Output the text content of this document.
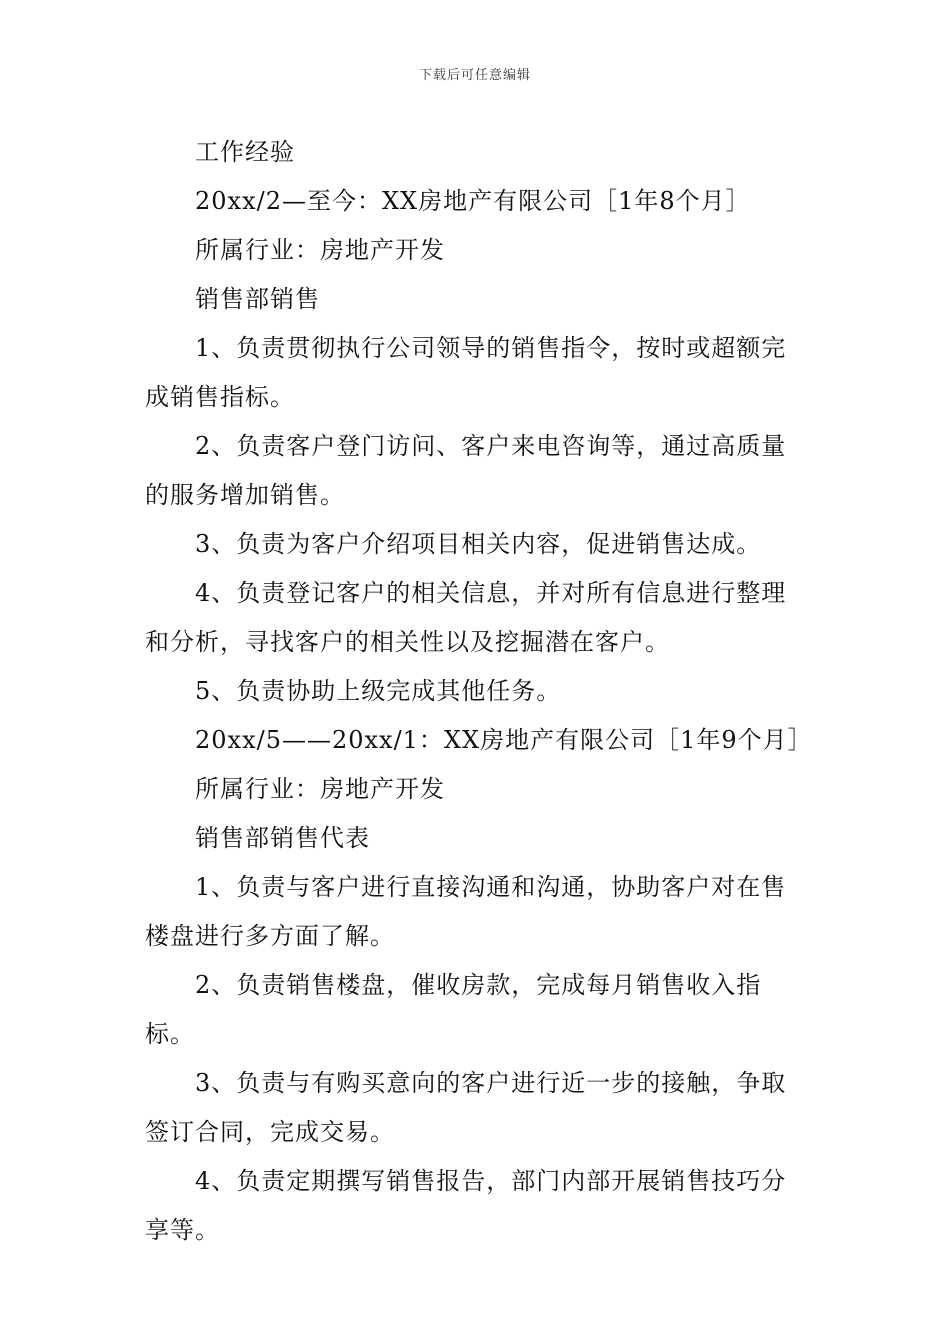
下载后可任意编辑

工作经验

20xx/2—至今：XX房地产有限公司［1年8个月］

所属行业：房地产开发

销售部销售

1、负责贯彻执行公司领导的销售指令，按时或超额完成销售指标。

2、负责客户登门访问、客户来电咨询等，通过高质量的服务增加销售。

3、负责为客户介绍项目相关内容，促进销售达成。

4、负责登记客户的相关信息，并对所有信息进行整理和分析，寻找客户的相关性以及挖掘潜在客户。

5、负责协助上级完成其他任务。

20xx/5——20xx/1：XX房地产有限公司［1年9个月］

所属行业：房地产开发

销售部销售代表

1、负责与客户进行直接沟通和沟通，协助客户对在售楼盘进行多方面了解。

2、负责销售楼盘，催收房款，完成每月销售收入指标。

3、负责与有购买意向的客户进行近一步的接触，争取签订合同，完成交易。

4、负责定期撰写销售报告，部门内部开展销售技巧分享等。
